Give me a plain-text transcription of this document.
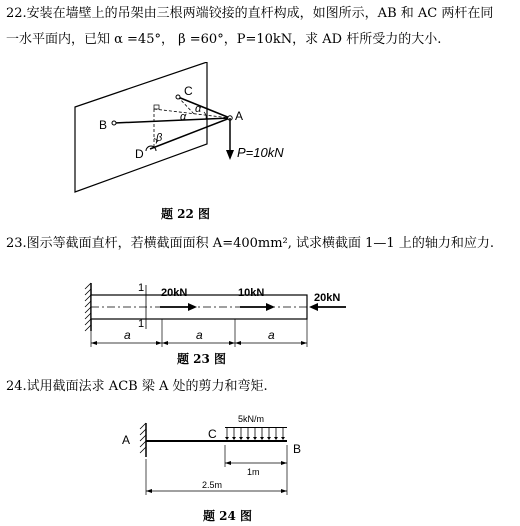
22.安装在墙壁上的吊架由三根两端铰接的直杆构成，如图所示，AB 和 AC 两杆在同
一水平面内，已知 α =45°， β =60°，P=10kN，求 AD 杆所受力的大小.
A
B
C
D
α
α
β
P=10kN
题 22 图
23.图示等截面直杆，若横截面面积 A=400mm², 试求横截面 1—1 上的轴力和应力.
1
1
20kN	10kN	20kN
a	a	a
题 23 图
24.试用截面法求 ACB 梁 A 处的剪力和弯矩.
5kN/m
A	C
B
1m
2.5m
题 24 图
